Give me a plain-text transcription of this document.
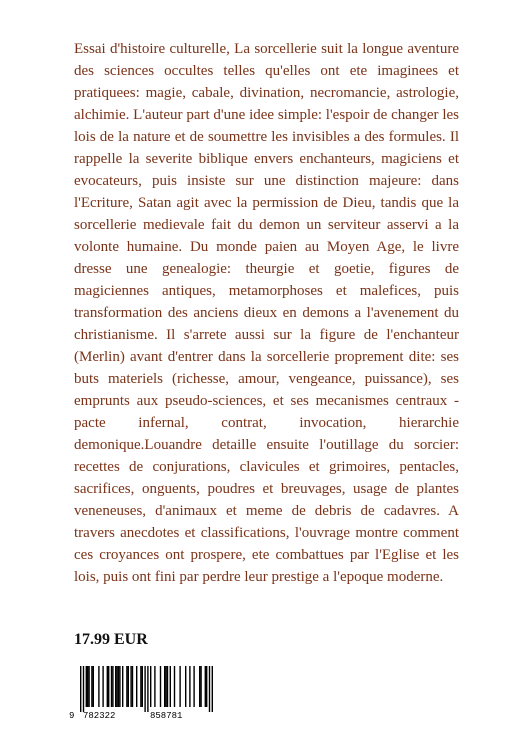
Essai d'histoire culturelle, La sorcellerie suit la longue aventure des sciences occultes telles qu'elles ont ete imaginees et pratiquees: magie, cabale, divination, necromancie, astrologie, alchimie. L'auteur part d'une idee simple: l'espoir de changer les lois de la nature et de soumettre les invisibles a des formules. Il rappelle la severite biblique envers enchanteurs, magiciens et evocateurs, puis insiste sur une distinction majeure: dans l'Ecriture, Satan agit avec la permission de Dieu, tandis que la sorcellerie medievale fait du demon un serviteur asservi a la volonte humaine. Du monde paien au Moyen Age, le livre dresse une genealogie: theurgie et goetie, figures de magiciennes antiques, metamorphoses et malefices, puis transformation des anciens dieux en demons a l'avenement du christianisme. Il s'arrete aussi sur la figure de l'enchanteur (Merlin) avant d'entrer dans la sorcellerie proprement dite: ses buts materiels (richesse, amour, vengeance, puissance), ses emprunts aux pseudo-sciences, et ses mecanismes centraux - pacte infernal, contrat, invocation, hierarchie demonique.Louandre detaille ensuite l'outillage du sorcier: recettes de conjurations, clavicules et grimoires, pentacles, sacrifices, onguents, poudres et breuvages, usage de plantes veneneuses, d'animaux et meme de debris de cadavres. A travers anecdotes et classifications, l'ouvrage montre comment ces croyances ont prospere, ete combattues par l'Eglise et les lois, puis ont fini par perdre leur prestige a l'epoque moderne.

17.99 EUR

9 782322	858781
